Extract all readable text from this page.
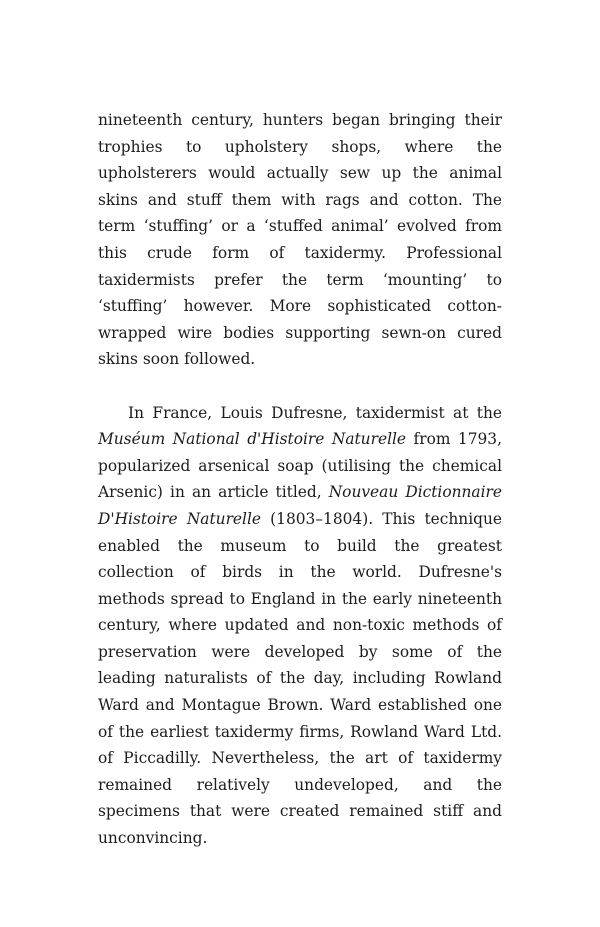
nineteenth century, hunters began bringing their trophies to upholstery shops, where the upholsterers would actually sew up the animal skins and stuff them with rags and cotton. The term ‘stuffing’ or a ‘stuffed animal’ evolved from this crude form of taxidermy. Professional taxidermists prefer the term ‘mounting’ to ‘stuffing’ however. More sophisticated cotton-wrapped wire bodies supporting sewn-on cured skins soon followed.

In France, Louis Dufresne, taxidermist at the Muséum National d'Histoire Naturelle from 1793, popularized arsenical soap (utilising the chemical Arsenic) in an article titled, Nouveau Dictionnaire D'Histoire Naturelle (1803–1804). This technique enabled the museum to build the greatest collection of birds in the world. Dufresne's methods spread to England in the early nineteenth century, where updated and non-toxic methods of preservation were developed by some of the leading naturalists of the day, including Rowland Ward and Montague Brown. Ward established one of the earliest taxidermy firms, Rowland Ward Ltd. of Piccadilly. Nevertheless, the art of taxidermy remained relatively undeveloped, and the specimens that were created remained stiff and unconvincing.
